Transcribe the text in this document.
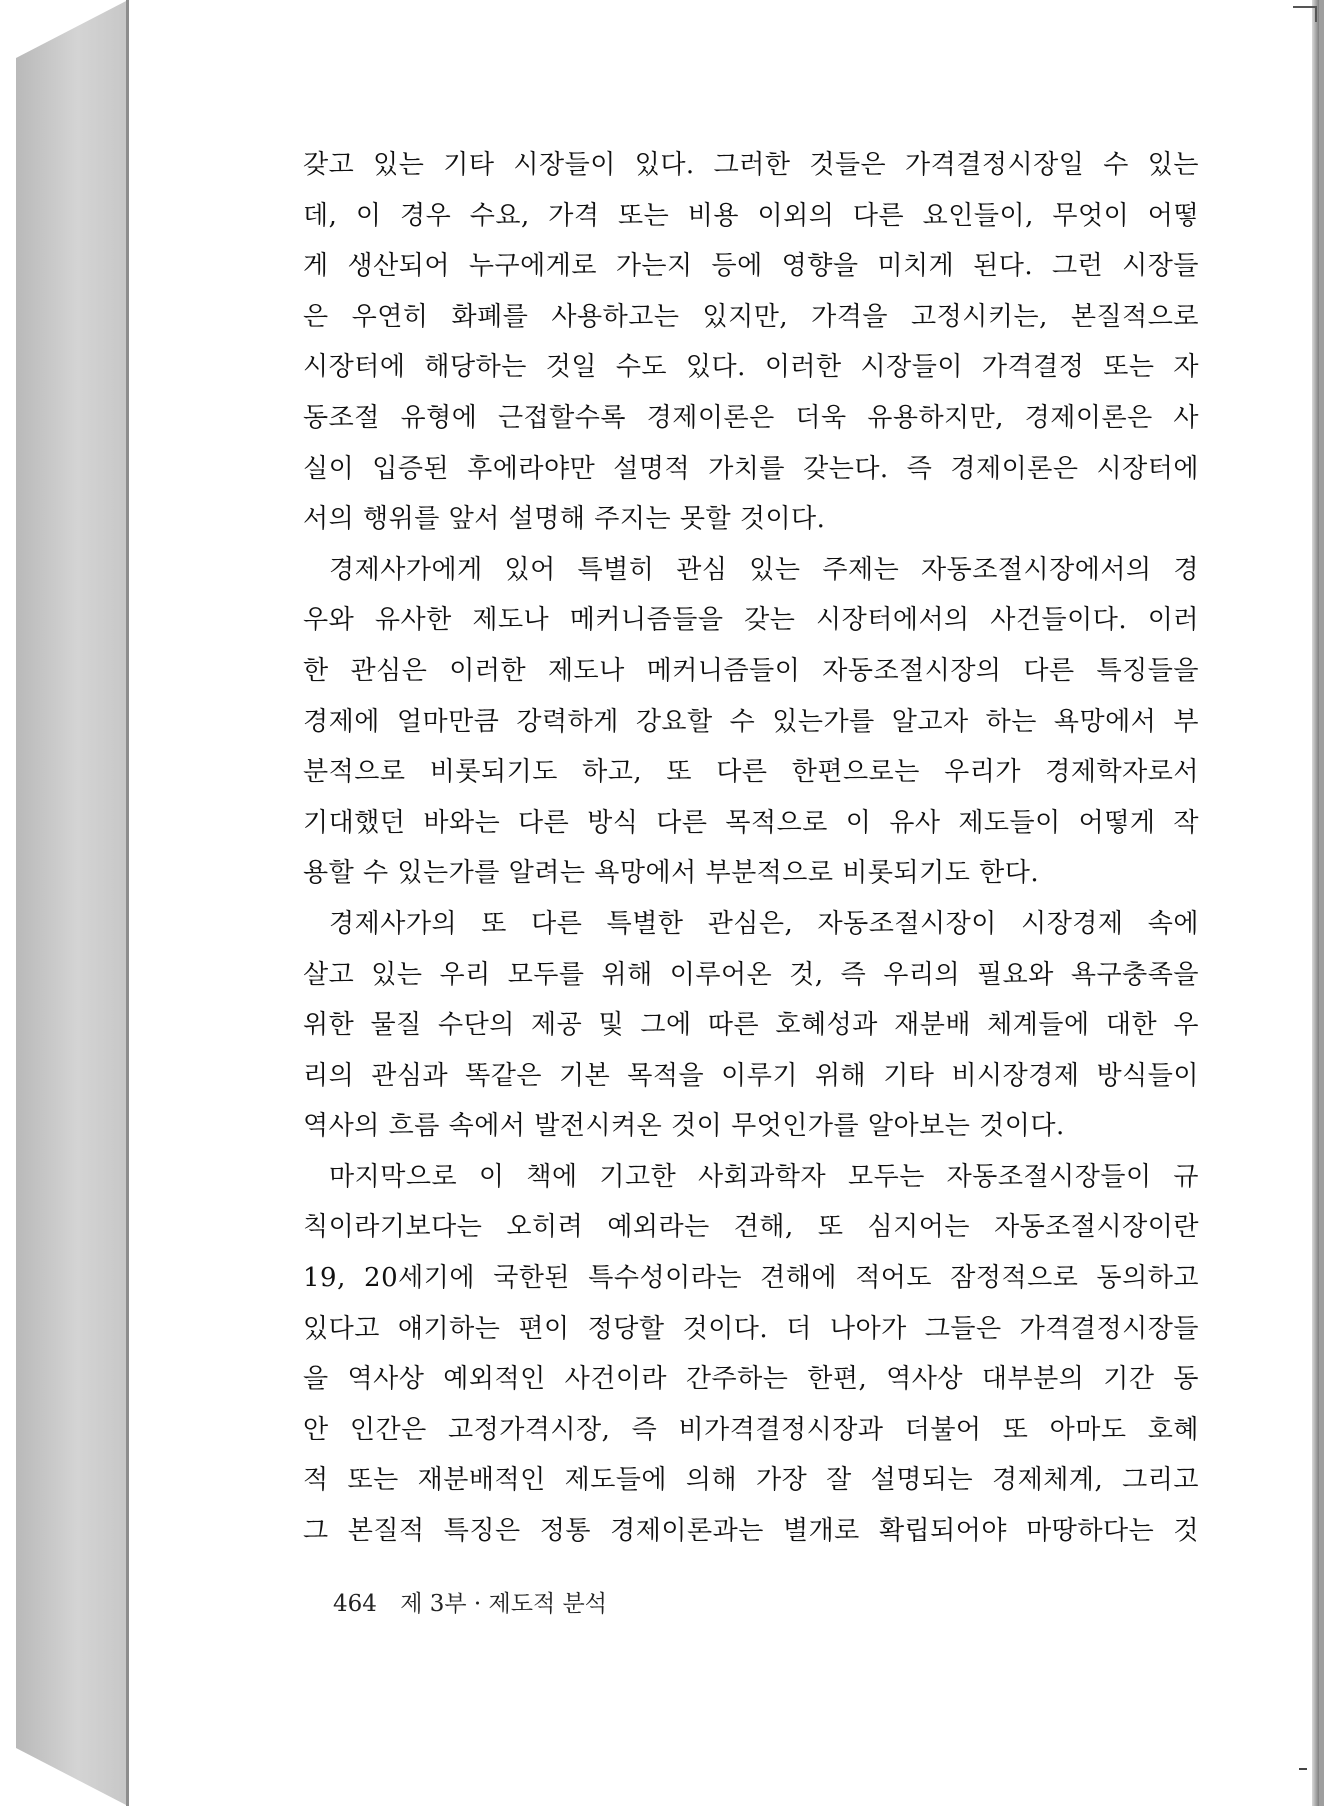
갖고 있는 기타 시장들이 있다. 그러한 것들은 가격결정시장일 수 있는
데, 이 경우 수요, 가격 또는 비용 이외의 다른 요인들이, 무엇이 어떻
게 생산되어 누구에게로 가는지 등에 영향을 미치게 된다. 그런 시장들
은 우연히 화폐를 사용하고는 있지만, 가격을 고정시키는, 본질적으로
시장터에 해당하는 것일 수도 있다. 이러한 시장들이 가격결정 또는 자
동조절 유형에 근접할수록 경제이론은 더욱 유용하지만, 경제이론은 사
실이 입증된 후에라야만 설명적 가치를 갖는다. 즉 경제이론은 시장터에
서의 행위를 앞서 설명해 주지는 못할 것이다.
경제사가에게 있어 특별히 관심 있는 주제는 자동조절시장에서의 경
우와 유사한 제도나 메커니즘들을 갖는 시장터에서의 사건들이다. 이러
한 관심은 이러한 제도나 메커니즘들이 자동조절시장의 다른 특징들을
경제에 얼마만큼 강력하게 강요할 수 있는가를 알고자 하는 욕망에서 부
분적으로 비롯되기도 하고, 또 다른 한편으로는 우리가 경제학자로서
기대했던 바와는 다른 방식 다른 목적으로 이 유사 제도들이 어떻게 작
용할 수 있는가를 알려는 욕망에서 부분적으로 비롯되기도 한다.
경제사가의 또 다른 특별한 관심은, 자동조절시장이 시장경제 속에
살고 있는 우리 모두를 위해 이루어온 것, 즉 우리의 필요와 욕구충족을
위한 물질 수단의 제공 및 그에 따른 호혜성과 재분배 체계들에 대한 우
리의 관심과 똑같은 기본 목적을 이루기 위해 기타 비시장경제 방식들이
역사의 흐름 속에서 발전시켜온 것이 무엇인가를 알아보는 것이다.
마지막으로 이 책에 기고한 사회과학자 모두는 자동조절시장들이 규
칙이라기보다는 오히려 예외라는 견해, 또 심지어는 자동조절시장이란
19, 20세기에 국한된 특수성이라는 견해에 적어도 잠정적으로 동의하고
있다고 얘기하는 편이 정당할 것이다. 더 나아가 그들은 가격결정시장들
을 역사상 예외적인 사건이라 간주하는 한편, 역사상 대부분의 기간 동
안 인간은 고정가격시장, 즉 비가격결정시장과 더불어 또 아마도 호혜
적 또는 재분배적인 제도들에 의해 가장 잘 설명되는 경제체계, 그리고
그 본질적 특징은 정통 경제이론과는 별개로 확립되어야 마땅하다는 것
464 제 3부 · 제도적 분석
